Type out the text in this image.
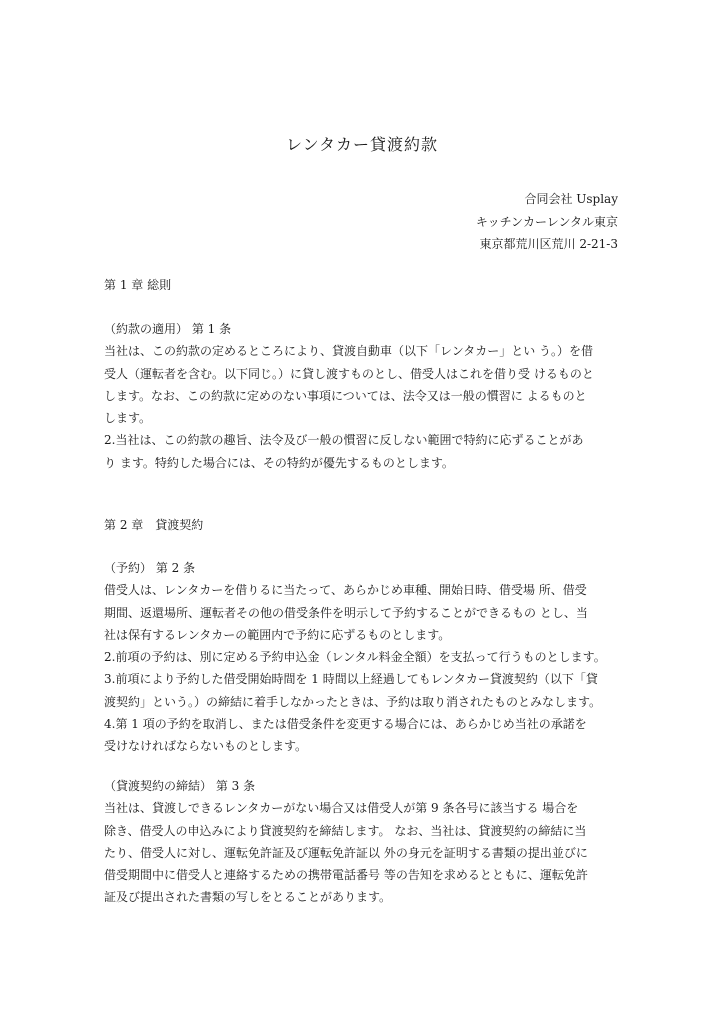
レンタカー貸渡約款
合同会社 Usplay
キッチンカーレンタル東京
東京都荒川区荒川 2-21-3

第 1 章 総則

（約款の適用） 第 1 条

当社は、この約款の定めるところにより、貸渡自動車（以下「レンタカー」とい う。）を借

受人（運転者を含む。以下同じ。）に貸し渡すものとし、借受人はこれを借り受 けるものと

します。なお、この約款に定めのない事項については、法令又は一般の慣習に よるものと

します。

2.当社は、この約款の趣旨、法令及び一般の慣習に反しない範囲で特約に応ずることがあ

り ます。特約した場合には、その特約が優先するものとします。

第 2 章　貸渡契約

（予約） 第 2 条

借受人は、レンタカーを借りるに当たって、あらかじめ車種、開始日時、借受場 所、借受

期間、返還場所、運転者その他の借受条件を明示して予約することができるもの とし、当

社は保有するレンタカーの範囲内で予約に応ずるものとします。

2.前項の予約は、別に定める予約申込金（レンタル料金全額）を支払って行うものとします。

3.前項により予約した借受開始時間を 1 時間以上経過してもレンタカー貸渡契約（以下「貸

渡契約」という。）の締結に着手しなかったときは、予約は取り消されたものとみなします。

4.第 1 項の予約を取消し、または借受条件を変更する場合には、あらかじめ当社の承諾を

受けなければならないものとします。

（貸渡契約の締結） 第 3 条

当社は、貸渡しできるレンタカーがない場合又は借受人が第 9 条各号に該当する 場合を

除き、借受人の申込みにより貸渡契約を締結します。 なお、当社は、貸渡契約の締結に当

たり、借受人に対し、運転免許証及び運転免許証以 外の身元を証明する書類の提出並びに

借受期間中に借受人と連絡するための携帯電話番号 等の告知を求めるとともに、運転免許

証及び提出された書類の写しをとることがあります。
